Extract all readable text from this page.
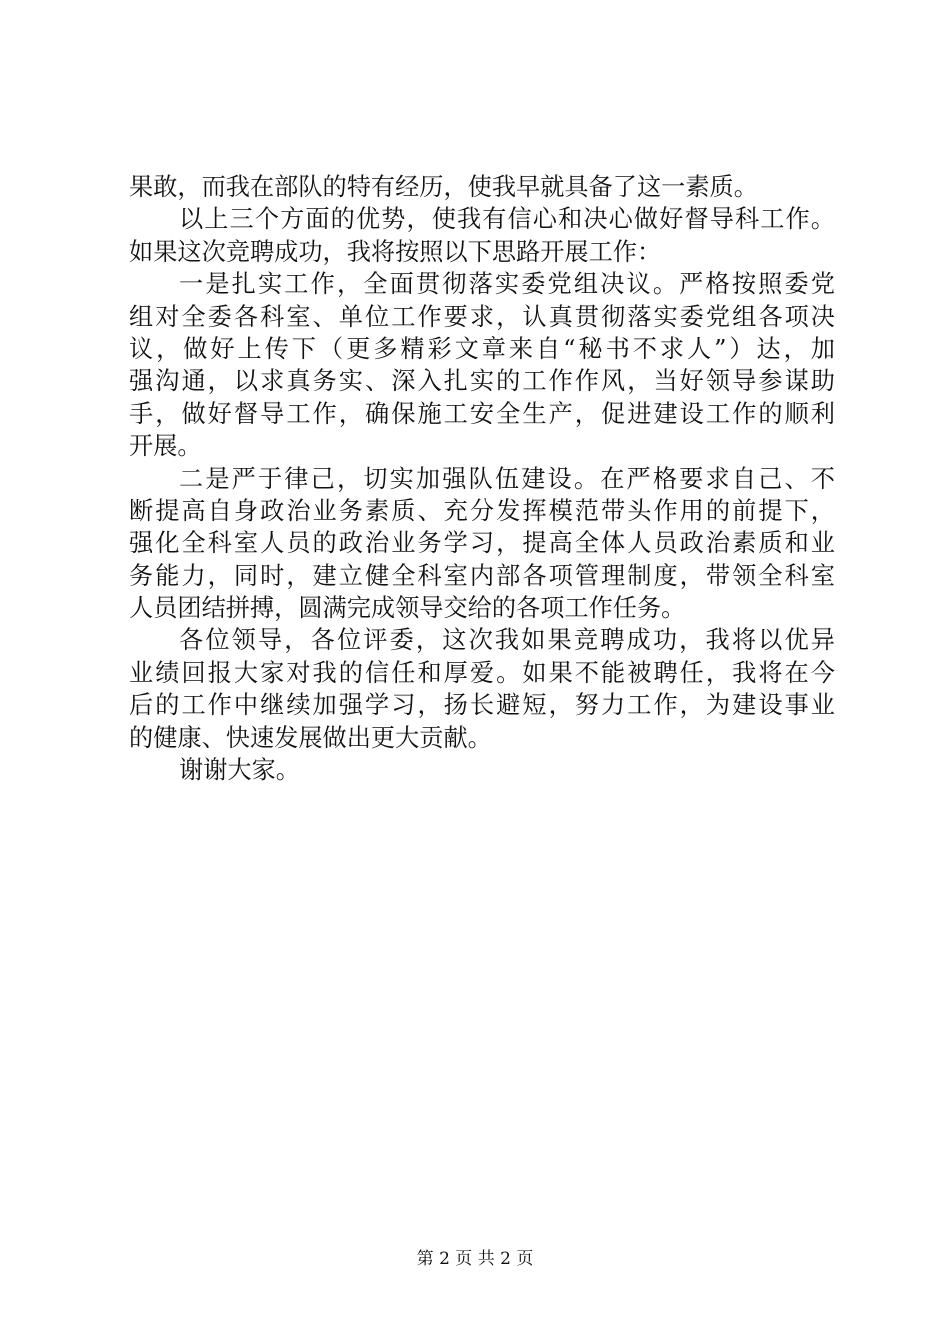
果敢，而我在部队的特有经历，使我早就具备了这一素质。
以上三个方面的优势，使我有信心和决心做好督导科工作。
如果这次竞聘成功，我将按照以下思路开展工作：
一是扎实工作，全面贯彻落实委党组决议。严格按照委党
组对全委各科室、单位工作要求，认真贯彻落实委党组各项决
议，做好上传下（更多精彩文章来自“秘书不求人”）达，加
强沟通，以求真务实、深入扎实的工作作风，当好领导参谋助
手，做好督导工作，确保施工安全生产，促进建设工作的顺利
开展。
二是严于律己，切实加强队伍建设。在严格要求自己、不
断提高自身政治业务素质、充分发挥模范带头作用的前提下，
强化全科室人员的政治业务学习，提高全体人员政治素质和业
务能力，同时，建立健全科室内部各项管理制度，带领全科室
人员团结拼搏，圆满完成领导交给的各项工作任务。
各位领导，各位评委，这次我如果竞聘成功，我将以优异
业绩回报大家对我的信任和厚爱。如果不能被聘任，我将在今
后的工作中继续加强学习，扬长避短，努力工作，为建设事业
的健康、快速发展做出更大贡献。
谢谢大家。
第 2 页 共 2 页
